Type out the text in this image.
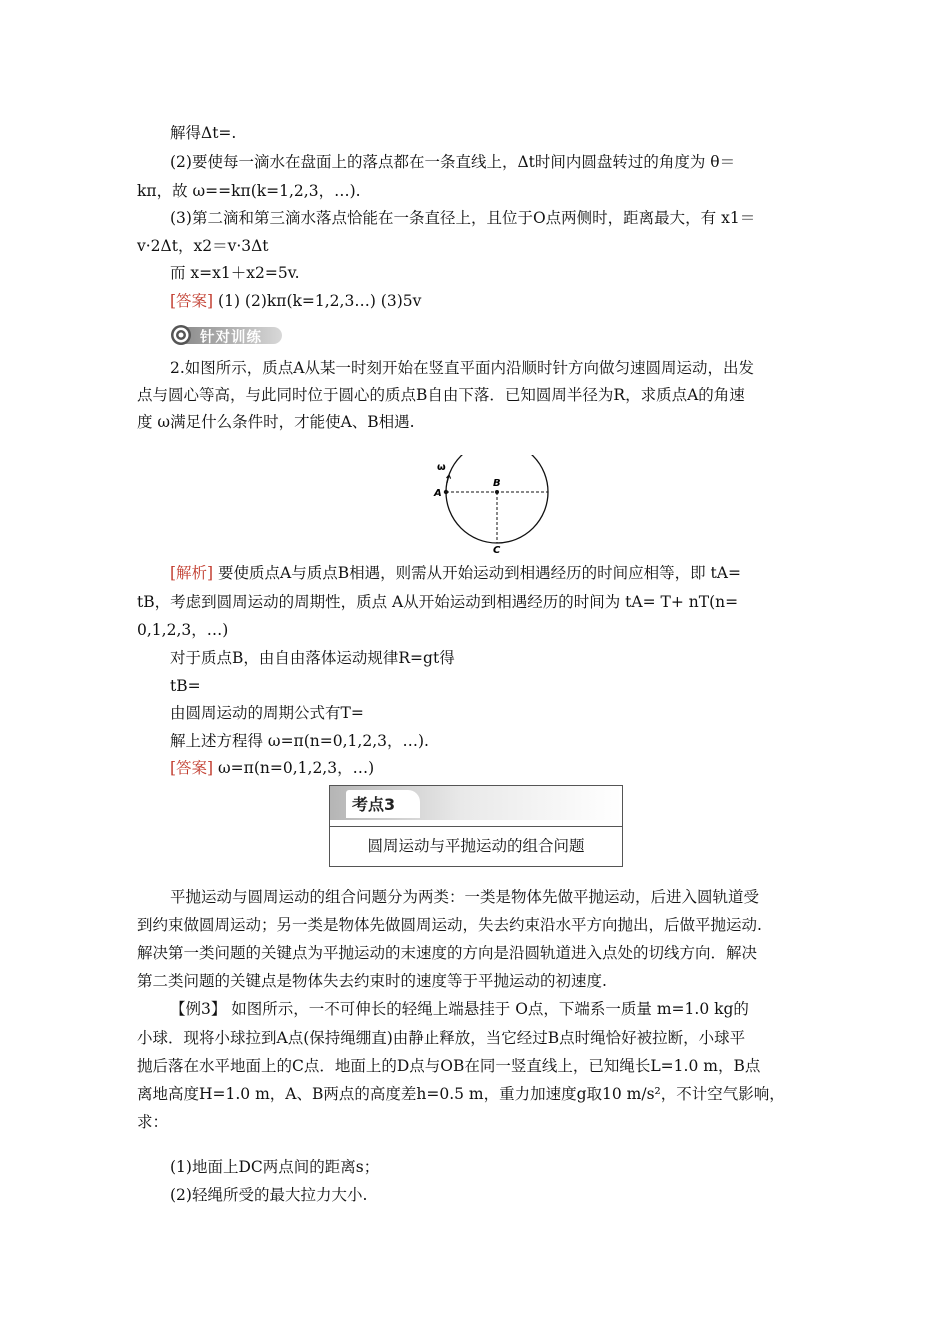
解得Δt=.
(2)要使每一滴水在盘面上的落点都在一条直线上，Δt时间内圆盘转过的角度为 θ＝
kπ，故 ω==kπ(k=1,2,3，…).
(3)第二滴和第三滴水落点恰能在一条直径上，且位于O点两侧时，距离最大，有 x1＝
v·2Δt，x2＝v·3Δt
而 x=x1＋x2=5v.
[答案] (1) (2)kπ(k=1,2,3…) (3)5v
针对训练
2.如图所示，质点A从某一时刻开始在竖直平面内沿顺时针方向做匀速圆周运动，出发
点与圆心等高，与此同时位于圆心的质点B自由下落．已知圆周半径为R，求质点A的角速
度 ω满足什么条件时，才能使A、B相遇.
ω
A
B
C
[解析] 要使质点A与质点B相遇，则需从开始运动到相遇经历的时间应相等，即 tA=
tB，考虑到圆周运动的周期性，质点 A从开始运动到相遇经历的时间为 tA= T+ nT(n=
0,1,2,3，…)
对于质点B，由自由落体运动规律R=gt得
tB=
由圆周运动的周期公式有T=
解上述方程得 ω=π(n=0,1,2,3，…).
[答案] ω=π(n=0,1,2,3，…)
考点3
圆周运动与平抛运动的组合问题
平抛运动与圆周运动的组合问题分为两类：一类是物体先做平抛运动，后进入圆轨道受
到约束做圆周运动；另一类是物体先做圆周运动，失去约束沿水平方向抛出，后做平抛运动.
解决第一类问题的关键点为平抛运动的末速度的方向是沿圆轨道进入点处的切线方向．解决
第二类问题的关键点是物体失去约束时的速度等于平抛运动的初速度.
【例3】 如图所示，一不可伸长的轻绳上端悬挂于 O点，下端系一质量 m=1.0 kg的
小球．现将小球拉到A点(保持绳绷直)由静止释放，当它经过B点时绳恰好被拉断，小球平
抛后落在水平地面上的C点．地面上的D点与OB在同一竖直线上，已知绳长L=1.0 m，B点
离地高度H=1.0 m，A、B两点的高度差h=0.5 m，重力加速度g取10 m/s²，不计空气影响，
求：
(1)地面上DC两点间的距离s；
(2)轻绳所受的最大拉力大小.
